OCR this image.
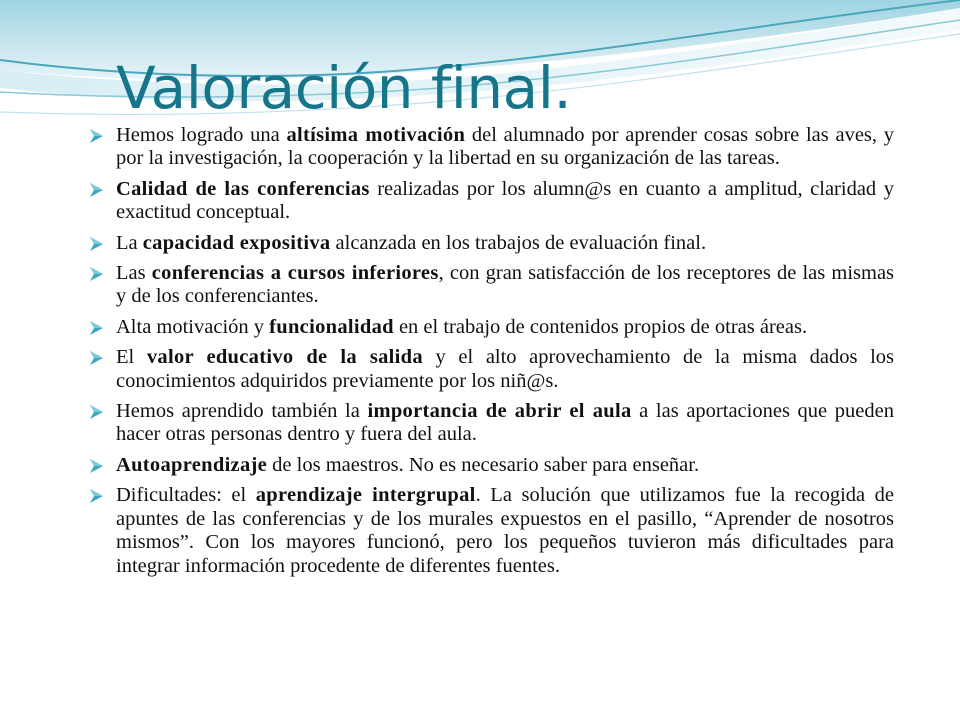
Valoración final.
Hemos logrado una altísima motivación del alumnado por aprender cosas sobre las aves, y por la investigación, la cooperación y la libertad en su organización de las tareas.
Calidad de las conferencias realizadas por los alumn@s en cuanto a amplitud, claridad y exactitud conceptual.
La capacidad expositiva alcanzada en los trabajos de evaluación final.
Las conferencias a cursos inferiores, con gran satisfacción de los receptores de las mismas y de los conferenciantes.
Alta motivación y funcionalidad en el trabajo de contenidos propios de otras áreas.
El valor educativo de la salida y el alto aprovechamiento de la misma dados los conocimientos adquiridos previamente por los niñ@s.
Hemos aprendido también la importancia de abrir el aula a las aportaciones que pueden hacer otras personas dentro y fuera del aula.
Autoaprendizaje de los maestros. No es necesario saber para enseñar.
Dificultades: el aprendizaje intergrupal. La solución que utilizamos fue la recogida de apuntes de las conferencias y de los murales expuestos en el pasillo, “Aprender de nosotros mismos”. Con los mayores funcionó, pero los pequeños tuvieron más dificultades para integrar información procedente de diferentes fuentes.
